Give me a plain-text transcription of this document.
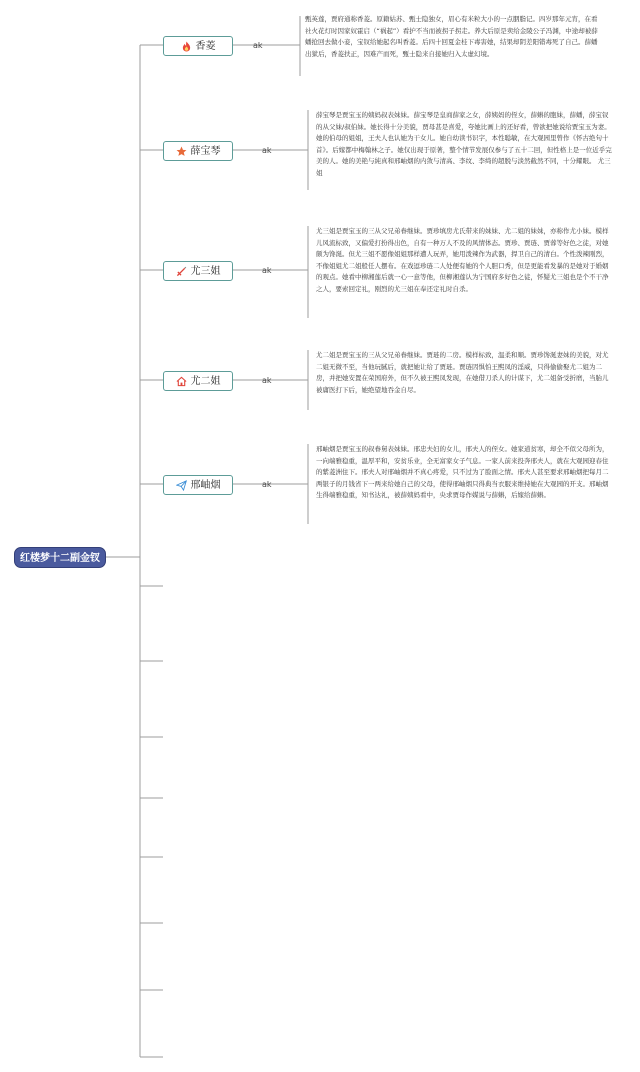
红楼梦十二副金钗
香菱	ak
甄英莲，贾府通称香菱。原籍姑苏、甄士隐独女，眉心有米粒大小的一点胭脂记。四岁那年元宵，在看社火花灯时因家奴霍启（“祸起”）看护不当而被拐子拐走。养大后原是卖给金陵公子冯渊，中途却被薛蟠抢回去做小妾，宝钗给她起名叫香菱。后四十回夏金桂下毒害她，结果却阴差阳错毒死了自己。薛蟠出狱后，香菱扶正，因难产而死，甄士隐来自接她归入太虚幻境。
薛宝琴	ak
薛宝琴是贾宝玉的姨妈叔表妹妹。薛宝琴是皇商薛家之女，薛姨妈的侄女，薛蝌的胞妹，薛蟠，薛宝钗的从父妹/叔伯妹。她长得十分美貌，贾母甚是喜爱，夸她比画上的还好看，曾欲把她说给贾宝玉为妻。她的伯母的姐姐，王夫人也认她为干女儿。她自幼读书识字，本性聪敏，在大观园里曾作《怀古绝句十首》。后嫁都中梅翰林之子。她仅出现于原著，整个情节发展仅参与了五十二回，但性格上是一位近乎完美的人。她的美艳与純真和邢岫烟的内敛与清高、李纹、李绮的超脱与淡然截然不同，十分耀眼。 尤三姐
尤三姐	ak
尤三姐是贾宝玉的三从父兄弟眷继妹。贾珍填房尤氏带来的妹妹、尤二姐的妹妹，亦称作尤小妹。模样儿风流标致，又偏爱打扮得出色，自有一种万人不及的风情体态。贾珍、贾琏、贾蓉等好色之徒，对她颇为馋涎。但尤三姐不愿像姐姐那样遭人玩弄，她用泼辣作为武器，捍卫自己的清白。个性泼辣刚烈，不像姐姐尤二姐般任人摆布。在戏逗珍琏二人处便有她的个人胆口秀，但是更能看发暴的是她对于婚姻的观点。她看中柳湘莲后就一心一意等他，但柳湘莲认为宁国府多好色之徒，怀疑尤三姐也是个不干净之人，要索回定礼，刚烈的尤三姐在奉还定礼时自杀。
尤二姐	ak
尤二姐是贾宝玉的三从父兄弟眷继妹。贾琏的二房。模样标致，温柔和顺。贾珍馋涎妻妹的美貌，对尤二姐无微不至，当他玩腻后，就把她让给了贾琏。贾琏因惧怕王熙凤的淫威，只得偷偷娶尤二姐为二房，并把她安置在荣国府外，但不久被王熙凤发现，在她借刀杀人的计谋下，尤二姐备受折磨，当胎儿被庸医打下后，她绝望地吞金自尽。
邢岫烟	ak
邢岫烟是贾宝玉的叔眷舅表妹妹。邢忠夫妇的女儿，邢夫人的侄女。她家道贫寒，却全不似父母所为，一向端雅稳重，温厚平和，安贫乐业，全无富家女子气息。一家人前来投奔邢夫人，就在大观园迎春住的紫菱洲住下。邢夫人对邢岫烟并不真心疼爱，只不过为了脸面之情。邢夫人甚至要求邢岫烟把每月二两银子的月钱省下一两来给她自己的父母，使得邢岫烟只得典当衣服来维持她在大观园的开支。邢岫烟生得端雅稳重，知书达礼，被薛姨妈看中，央求贾母作媒说与薛蝌，后嫁给薛蝌。
